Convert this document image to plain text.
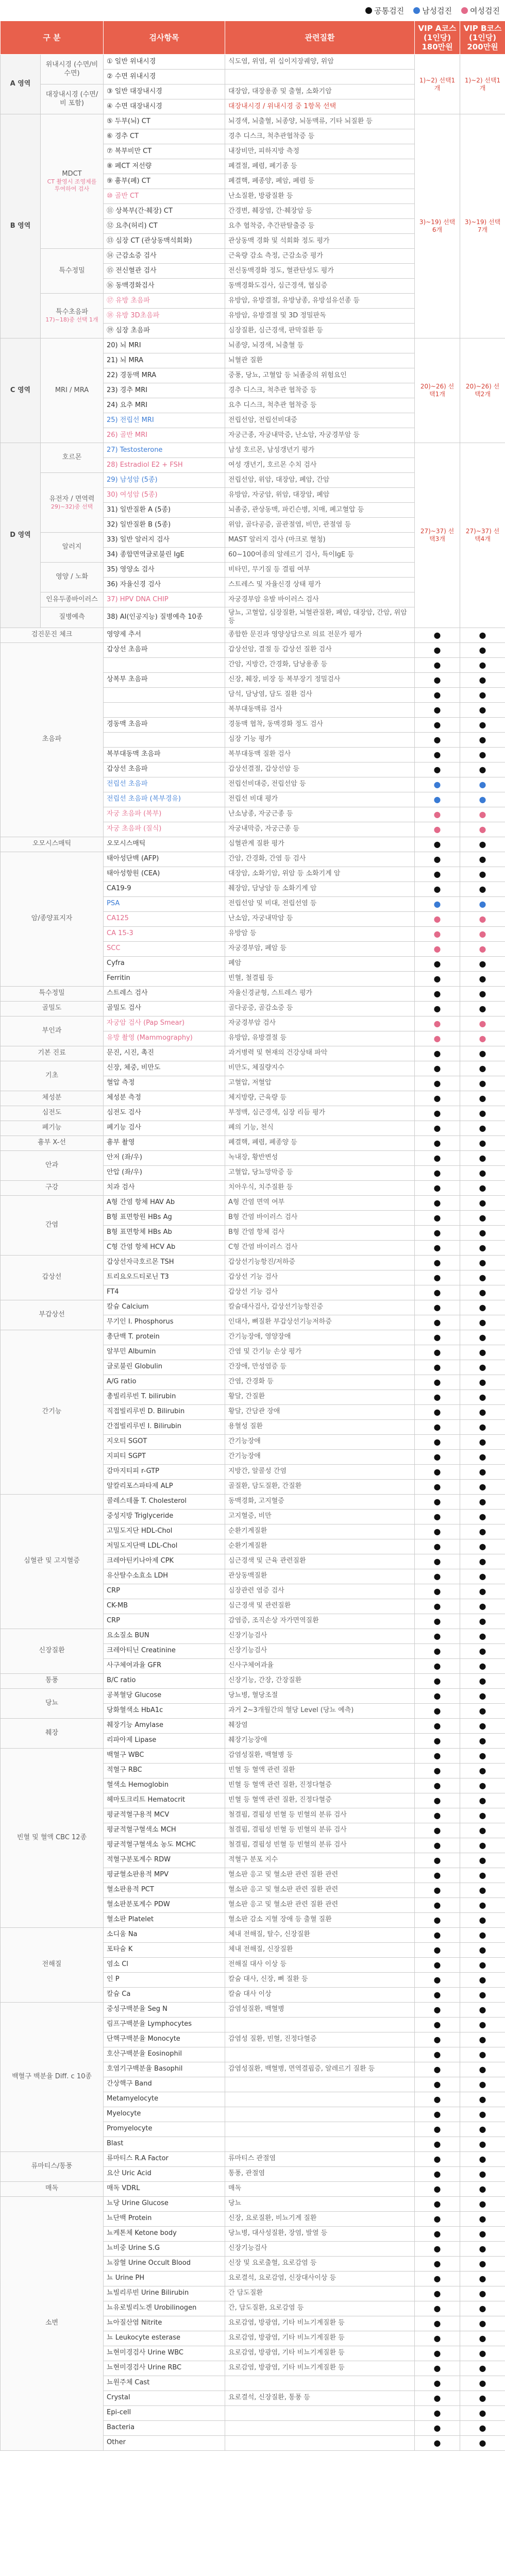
공통검진	남성검진	여성검진
구 분		검사항목	관련질환	VIP A코스 (1인당) 180만원	VIP B코스 (1인당) 200만원
A 영역	위내시경 (수면/비수면)	① 일반 위내시경	식도염, 위염, 위 십이지장궤양, 위암	1)~2) 선택1개	1)~2) 선택1개
		② 수면 위내시경			

	대장내시경 (수면/비 포함)	③ 일반 대장내시경	대장암, 대장용종 및 출혈, 소화기암		
		④ 수면 대장내시경	대장내시경 / 위내시경 중 1항목 선택		
B 영역	MDCT
CT 촬영시 조영제를 투여하여 검사	⑤ 두부(뇌) CT	뇌경색, 뇌출혈, 뇌종양, 뇌동맥류, 기타 뇌질환 등	3)~19) 선택6개	3)~19) 선택7개
		⑥ 경추 CT	경추 디스크, 척추관협착증 등		
		⑦ 복부비만 CT	내장비만, 피하지방 측정		
		⑧ 폐CT 저선량	폐결절, 폐렴, 폐기종 등		
		⑨ 흉부(폐) CT	폐결핵, 폐종양, 폐암, 폐렴 등		
		⑩ 골반 CT	난소질환, 방광질환 등		
		⑪ 상복부(간·췌장) CT	간경변, 췌장염, 간·췌장암 등		
		⑫ 요추(허리) CT	요추 협착증, 추간판탈출증 등		
		⑬ 심장 CT (관상동맥석회화)	관상동맥 경화 및 석회화 정도 평가		

	특수정밀	⑭ 근감소증 검사	근육량 감소 측정, 근감소증 평가		
		⑮ 전신혈관 검사	전신동맥경화 정도, 혈관탄성도 평가		
		⑯ 동맥경화검사	동맥경화도검사, 심근경색, 협심증		

	특수초음파
17)~18)중 선택 1개	⑰ 유방 초음파	유방암, 유방결절, 유방낭종, 유방섬유선종 등		
		⑱ 유방 3D초음파	유방암, 유방결절 및 3D 정밀판독		
		⑲ 심장 초음파	심장질환, 심근경색, 판막질환 등		
C 영역	MRI / MRA	20) 뇌 MRI	뇌종양, 뇌경색, 뇌출혈 등	20)~26) 선택1개	20)~26) 선택2개
		21) 뇌 MRA	뇌혈관 질환		
		22) 경동맥 MRA	중풍, 당뇨, 고혈압 등 뇌졸중의 위험요인		
		23) 경추 MRI	경추 디스크, 척추관 협착증 등		
		24) 요추 MRI	요추 디스크, 척추관 협착증 등		
		25) 전립선 MRI	전립선암, 전립선비대증		
		26) 골반 MRI	자궁근종, 자궁내막증, 난소암, 자궁경부암 등		
D 영역	호르몬	27) Testosterone	남성 호르몬, 남성갱년기 평가	27)~37) 선택3개	27)~37) 선택4개
		28) Estradiol E2 + FSH	여성 갱년기, 호르몬 수치 검사		

	유전자 / 면역력
29)~32)중 선택	29) 남성암 (5종)	전립선암, 위암, 대장암, 폐암, 간암		
		30) 여성암 (5종)	유방암, 자궁암, 위암, 대장암, 폐암		
		31) 일반질환 A (5종)	뇌졸중, 관상동맥, 파킨슨병, 치매, 폐고혈압 등		
		32) 일반질환 B (5종)	위암, 골다공증, 골관절염, 비만, 관절염 등		

	알러지	33) 일반 알러지 검사	MAST 알러지 검사 (마크로 혈청)		
		34) 종합면역글로불린 IgE	60~100여종의 알레르기 검사, 특이IgE 등		

	영양 / 노화	35) 영양소 검사	비타민, 무기질 등 결핍 여부		
		36) 자율신경 검사	스트레스 및 자율신경 상태 평가		

	인유두종바이러스	37) HPV DNA CHIP	자궁경부암 유발 바이러스 검사		

	질병예측	38) AI(인공지능) 질병예측 10종	당뇨, 고혈압, 심장질환, 뇌혈관질환, 폐암, 대장암, 간암, 위암 등		
검진문진 체크		영양제 추서	종합한 문진과 영양상담으로 의료 전문가 평가	●	●
초음파		갑상선 초음파	갑상선암, 결절 등 갑상선 질환 검사	●	●
			간암, 지방간, 간경화, 담낭용종 등	●	●
		상복부 초음파	신장, 췌장, 비장 등 복부장기 정밀검사	●	●
			담석, 담낭염, 담도 질환 검사	●	●
			복부대동맥류 검사	●	●
		경동맥 초음파	경동맥 협착, 동맥경화 정도 검사	●	●
			심장 기능 평가	●	●
		복부대동맥 초음파	복부대동맥 질환 검사	●	●
		갑상선 초음파	갑상선결절, 갑상선암 등	●	●
		전립선 초음파	전립선비대증, 전립선암 등	●	●
		전립선 초음파 (복부경유)	전립선 비대 평가	●	●
		자궁 초음파 (복부)	난소낭종, 자궁근종 등	●	●
		자궁 초음파 (질식)	자궁내막증, 자궁근종 등	●	●
오모시스매틱		오모시스매틱	심혈관계 질환 평가	●	●
암/종양표지자		태아성단백 (AFP)	간암, 간경화, 간염 등 검사	●	●
		태아성항원 (CEA)	대장암, 소화기암, 위암 등 소화기계 암	●	●
		CA19-9	췌장암, 담낭암 등 소화기계 암	●	●
		PSA	전립선암 및 비대, 전립선염 등	●	●
		CA125	난소암, 자궁내막암 등	●	●
		CA 15-3	유방암 등	●	●
		SCC	자궁경부암, 폐암 등	●	●
		Cyfra	폐암	●	●
		Ferritin	빈혈, 철결핍 등	●	●
특수정밀		스트레스 검사	자율신경균형, 스트레스 평가	●	●
골밀도		골밀도 검사	골다공증, 골감소증 등	●	●
부인과		자궁암 검사 (Pap Smear)	자궁경부암 검사	●	●
		유방 촬영 (Mammography)	유방암, 유방결절 등	●	●
기본 진료		문진, 시진, 촉진	과거병력 및 현재의 건강상태 파악	●	●
기초		신장, 체중, 비만도	비만도, 체질량지수	●	●
		혈압 측정	고혈압, 저혈압	●	●
체성분		체성분 측정	체지방량, 근육량 등	●	●
심전도		심전도 검사	부정맥, 심근경색, 심장 리듬 평가	●	●
폐기능		폐기능 검사	폐의 기능, 천식	●	●
흉부 X-선		흉부 촬영	폐결핵, 폐렴, 폐종양 등	●	●
안과		안저 (좌/우)	녹내장, 황반변성	●	●
		안압 (좌/우)	고혈압, 당뇨망막증 등	●	●
구강		치과 검사	치아우식, 치주질환 등	●	●
간염		A형 간염 항체 HAV Ab	A형 간염 면역 여부	●	●
		B형 표면항원 HBs Ag	B형 간염 바이러스 검사	●	●
		B형 표면항체 HBs Ab	B형 간염 항체 검사	●	●
		C형 간염 항체 HCV Ab	C형 간염 바이러스 검사	●	●
갑상선		갑상선자극호르몬 TSH	갑상선기능항진/저하증	●	●
		트리요오드티로닌 T3	갑상선 기능 검사	●	●
		FT4	갑상선 기능 검사	●	●
부갑상선		칼슘 Calcium	칼슘대사검사, 갑상선기능항진증	●	●
		무기인 I. Phosphorus	인대사, 뼈질환 부갑상선기능저하증	●	●
간기능		총단백 T. protein	간기능장애, 영양장애	●	●
		알부민 Albumin	간염 및 간기능 손상 평가	●	●
		글로불린 Globulin	간장애, 만성염증 등	●	●
		A/G ratio	간염, 간경화 등	●	●
		총빌리루빈 T. bilirubin	황달, 간질환	●	●
		직접빌리루빈 D. Bilirubin	황달, 간담관 장애	●	●
		간접빌리루빈 I. Bilirubin	용혈성 질환	●	●
		지오티 SGOT	간기능장애	●	●
		지피티 SGPT	간기능장애	●	●
		감마지티피 r-GTP	지방간, 알콜성 간염	●	●
		알칼리포스파타제 ALP	골질환, 담도질환, 간질환	●	●
심혈관 및 고지혈증		콜레스테롤 T. Cholesterol	동맥경화, 고지혈증	●	●
		중성지방 Triglyceride	고지혈증, 비만	●	●
		고밀도지단 HDL-Chol	순환기계질환	●	●
		저밀도지단백 LDL-Chol	순환기계질환	●	●
		크레아틴키나아제 CPK	심근경색 및 근육 관련질환	●	●
		유산탈수소효소 LDH	관상동맥질환	●	●
		CRP	심장관련 염증 검사	●	●
		CK-MB	심근경색 및 관련질환	●	●
		CRP	감염증, 조직손상 자가면역질환	●	●
신장질환		요소질소 BUN	신장기능검사	●	●
		크레아티닌 Creatinine	신장기능검사	●	●
		사구체여과율 GFR	신사구체여과율	●	●
통풍		B/C ratio	신장기능, 간장, 간장질환	●	●
당뇨		공복혈당 Glucose	당뇨병, 혈당조절	●	●
		당화혈색소 HbA1c	과거 2~3개월간의 혈당 Level (당뇨 예측)	●	●
췌장		췌장기능 Amylase	췌장염	●	●
		리파아제 Lipase	췌장기능장애	●	●
빈혈 및 혈액 CBC 12종		백혈구 WBC	감염성질환, 백혈병 등	●	●
		적혈구 RBC	빈혈 등 혈액 관련 질환	●	●
		혈색소 Hemoglobin	빈혈 등 혈액 관련 질환, 진정다혈증	●	●
		헤마토크리트 Hematocrit	빈혈 등 혈액 관련 질환, 진정다혈증	●	●
		평균적혈구용적 MCV	철결핍, 결핍성 빈혈 등 빈혈의 분류 검사	●	●
		평균적혈구혈색소 MCH	철결핍, 결핍성 빈혈 등 빈혈의 분류 검사	●	●
		평균적혈구혈색소 농도 MCHC	철결핍, 결핍성 빈혈 등 빈혈의 분류 검사	●	●
		적혈구분포계수 RDW	적혈구 분포 지수	●	●
		평균혈소판용적 MPV	혈소판 응고 및 혈소판 관련 질환 관련	●	●
		혈소판용적 PCT	혈소판 응고 및 혈소판 관련 질환 관련	●	●
		혈소판분포계수 PDW	혈소판 응고 및 혈소판 관련 질환 관련	●	●
		혈소판 Platelet	혈소판 감소 지혈 장애 등 출혈 질환	●	●
전해질		소디움 Na	체내 전해질, 탈수, 신장질환	●	●
		포타슘 K	체내 전해질, 신장질환	●	●
		염소 Cl	전해질 대사 이상 등	●	●
		인 P	칼슘 대사, 신장, 뼈 질환 등	●	●
		칼슘 Ca	칼슘 대사 이상	●	●
백혈구 백분율 Diff. c 10종		중성구백분율 Seg N	감염성질환, 백혈병	●	●
		림프구백분율 Lymphocytes		●	●
		단핵구백분율 Monocyte	감염성 질환, 빈혈, 진정다혈증	●	●
		호산구백분율 Eosinophil		●	●
		호염기구백분율 Basophil	감염성질환, 백혈병, 면역결핍증, 알레르기 질환 등	●	●
		간상핵구 Band		●	●
		Metamyelocyte		●	●
		Myelocyte		●	●
		Promyelocyte		●	●
		Blast		●	●
류마티스/통풍		류마티스 R.A Factor	류마티스 관절염	●	●
		요산 Uric Acid	통풍, 관절염	●	●
매독		매독 VDRL	매독	●	●
소변		뇨당 Urine Glucose	당뇨	●	●
		뇨단백 Protein	신장, 요로질환, 비뇨기계 질환	●	●
		뇨케톤체 Ketone body	당뇨병, 대사성질환, 장염, 발열 등	●	●
		뇨비중 Urine S.G	신장기능검사	●	●
		뇨잠혈 Urine Occult Blood	신장 및 요로출혈, 요로감염 등	●	●
		뇨 Urine PH	요로결석, 요로감염, 신장대사이상 등	●	●
		뇨빌리루빈 Urine Bilirubin	간 담도질환	●	●
		뇨유로빌리노겐 Urobilinogen	간, 담도질환, 요로감염 등	●	●
		뇨아질산염 Nitrite	요로감염, 방광염, 기타 비뇨기계질환 등	●	●
		뇨 Leukocyte esterase	요로감염, 방광염, 기타 비뇨기계질환 등	●	●
		뇨현미경검사 Urine WBC	요로감염, 방광염, 기타 비뇨기계질환 등	●	●
		뇨현미경검사 Urine RBC	요로감염, 방광염, 기타 비뇨기계질환 등	●	●
		뇨원주체 Cast		●	●
		Crystal	요로결석, 신장질환, 통풍 등	●	●
		Epi-cell		●	●
		Bacteria		●	●
		Other		●	●
